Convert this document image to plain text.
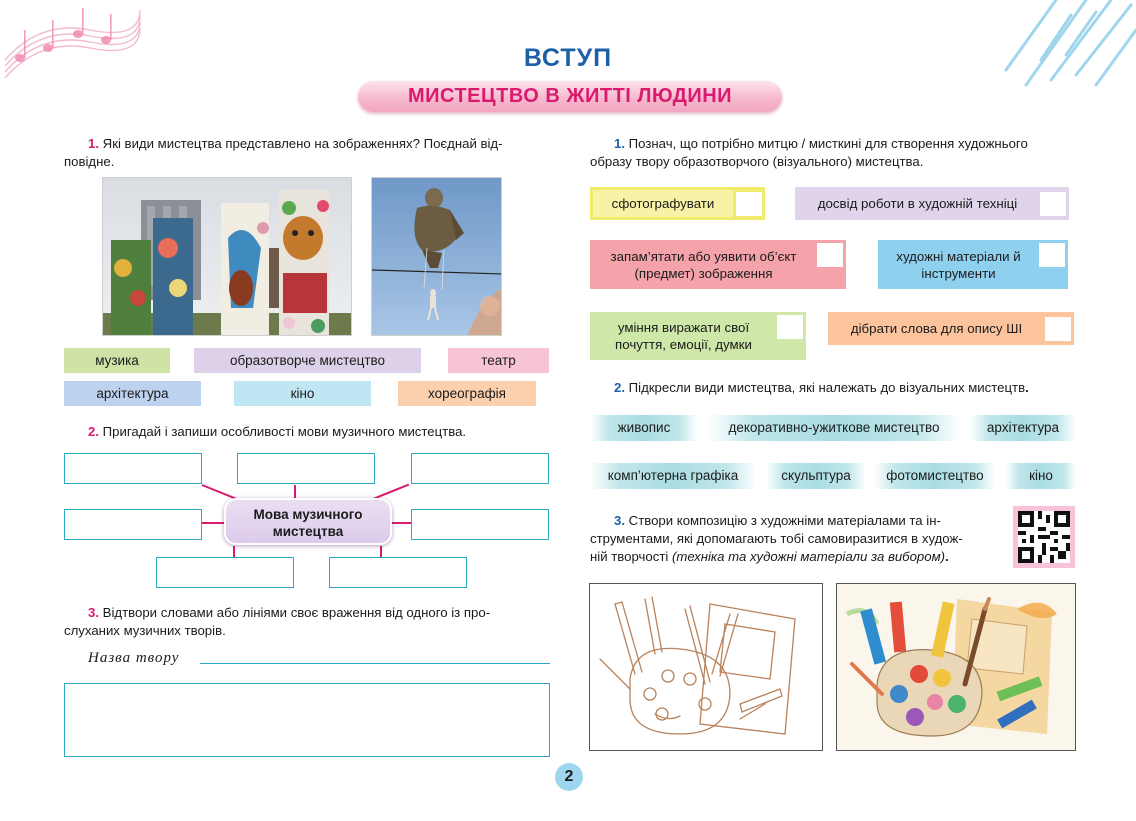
ВСТУП
МИСТЕЦТВО В ЖИТТІ ЛЮДИНИ
1. Які види мистецтва представлено на зображеннях? Поєднай від-
повідне.
музика	образотворче мистецтво	театр
архітектура	кіно	хореографія
2. Пригадай і запиши особливості мови музичного мистецтва.
Мова музичного
мистецтва
3. Відтвори словами або лініями своє враження від одного із про-
слуханих музичних творів.
Назва твору
1. Познач, що потрібно митцю / мисткині для створення художнього
образу твору образотворчого (візуального) мистецтва.
сфотографувати	досвід роботи в художній техніці
запам’ятати або уявити об’єкт (предмет) зображення
художні матеріали й інструменти
уміння виражати свої почуття, емоції, думки
дібрати слова для опису ШІ
2. Підкресли види мистецтва, які належать до візуальних мистецтв.
живопис	декоративно-ужиткове мистецтво	архітектура
комп’ютерна графіка	скульптура	фотомистецтво	кіно
3. Створи композицію з художніми матеріалами та ін-
струментами, які допомагають тобі самовиразитися в худож-
ній творчості (техніка та художні матеріали за вибором).
2
